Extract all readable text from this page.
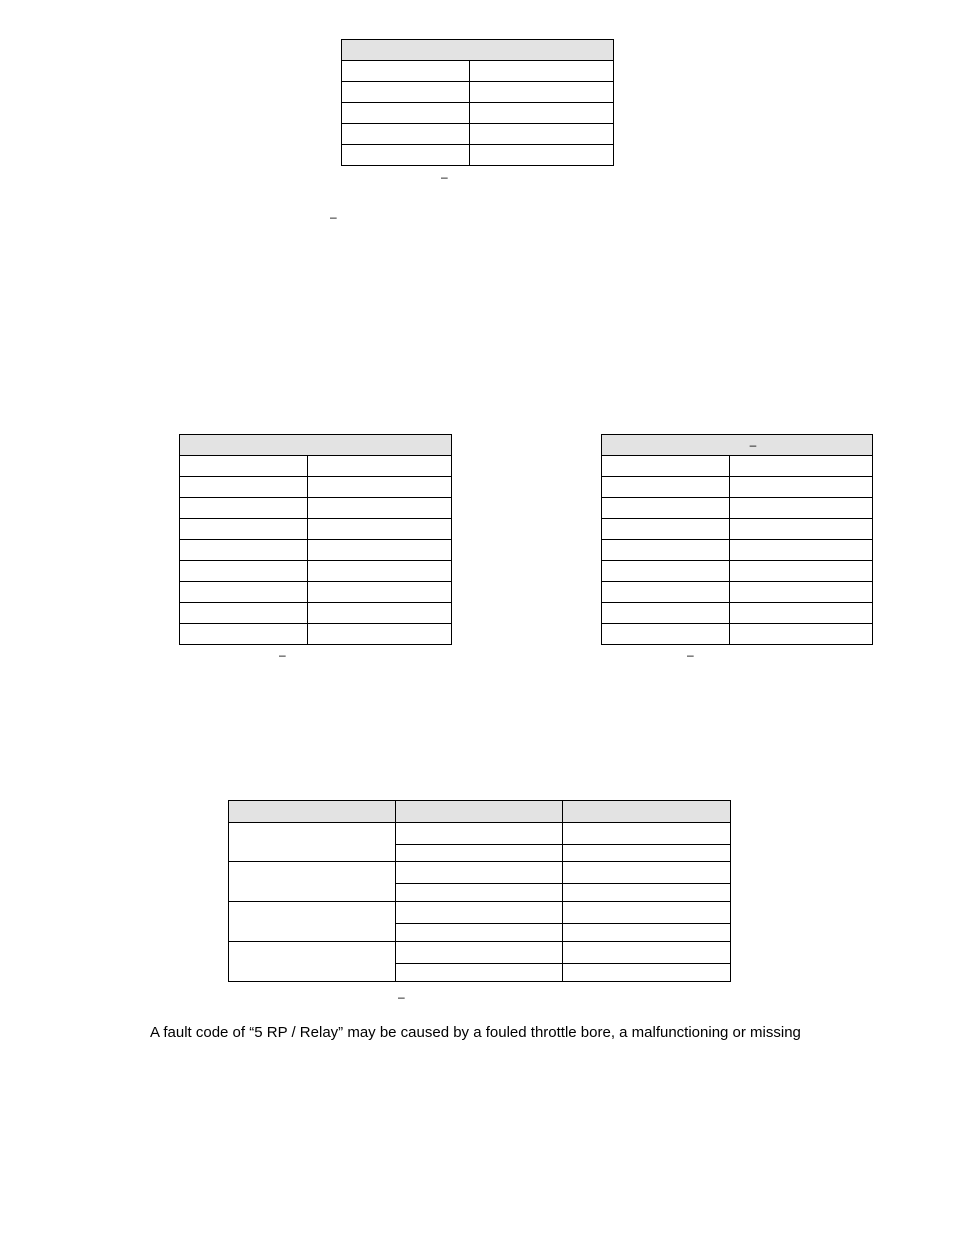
–
–

–
–	

–

–
A fault code of “5 RP / Relay” may be caused by a fouled throttle bore, a malfunctioning or missing
